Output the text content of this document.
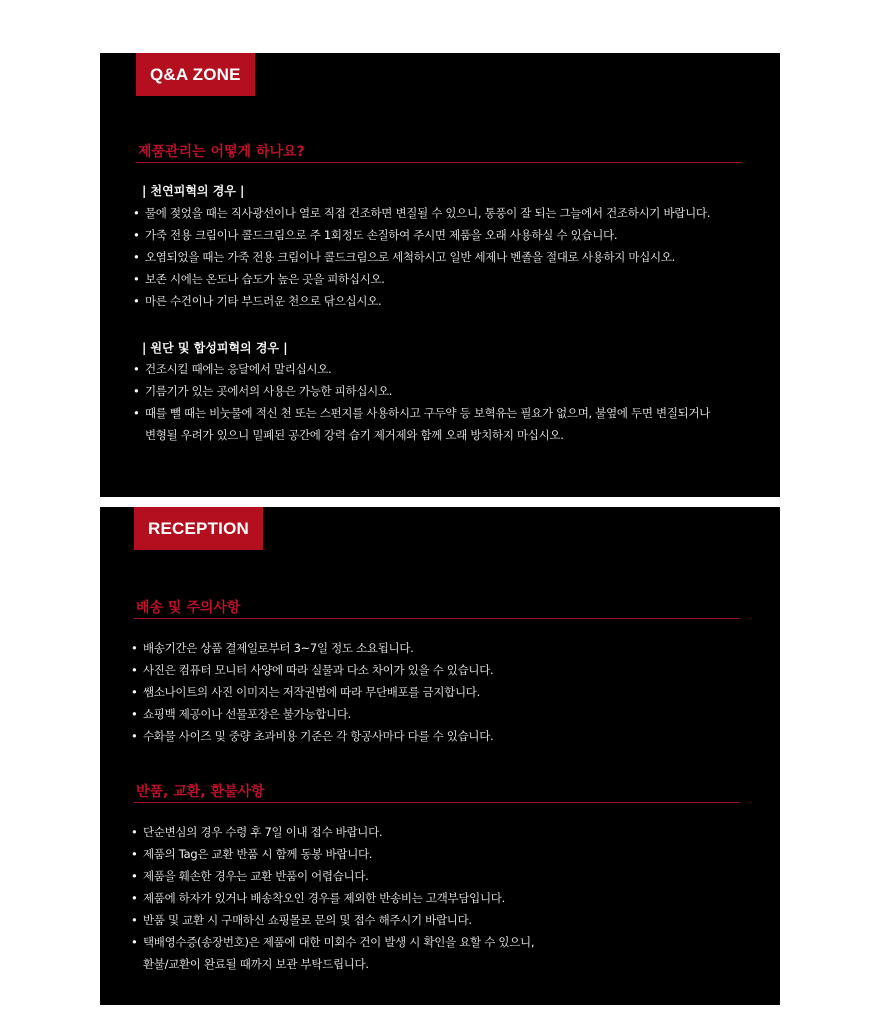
Q&A ZONE
제품관리는 어떻게 하나요?
| 천연피혁의 경우 |
• 물에 젖었을 때는 직사광선이나 열로 직접 건조하면 변질될 수 있으니, 통풍이 잘 되는 그늘에서 건조하시기 바랍니다.
• 가죽 전용 크림이나 콜드크림으로 주 1회정도 손질하여 주시면 제품을 오래 사용하실 수 있습니다.
• 오염되었을 때는 가죽 전용 크림이나 콜드크림으로 세척하시고 일반 세제나 벤졸을 절대로 사용하지 마십시오.
• 보존 시에는 온도나 습도가 높은 곳을 피하십시오.
• 마른 수건이나 기타 부드러운 천으로 닦으십시오.
| 원단 및 합성피혁의 경우 |
• 건조시킬 때에는 응달에서 말리십시오.
• 기름기가 있는 곳에서의 사용은 가능한 피하십시오.
• 때를 뺄 때는 비눗물에 적신 천 또는 스펀지를 사용하시고 구두약 등 보혁유는 필요가 없으며, 불옆에 두면 변질되거나
변형될 우려가 있으니 밀폐된 공간에 강력 습기 제거제와 함께 오래 방치하지 마십시오.
RECEPTION
배송 및 주의사항
• 배송기간은 상품 결제일로부터 3~7일 정도 소요됩니다.
• 사진은 컴퓨터 모니터 사양에 따라 실물과 다소 차이가 있을 수 있습니다.
• 쌤소나이트의 사진 이미지는 저작권법에 따라 무단배포를 금지합니다.
• 쇼핑백 제공이나 선물포장은 불가능합니다.
• 수화물 사이즈 및 중량 초과비용 기준은 각 항공사마다 다를 수 있습니다.
반품, 교환, 환불사항
• 단순변심의 경우 수령 후 7일 이내 접수 바랍니다.
• 제품의 Tag은 교환 반품 시 함께 동봉 바랍니다.
• 제품을 훼손한 경우는 교환 반품이 어렵습니다.
• 제품에 하자가 있거나 배송착오인 경우를 제외한 반송비는 고객부담입니다.
• 반품 및 교환 시 구매하신 쇼핑몰로 문의 및 접수 해주시기 바랍니다.
• 택배영수증(송장번호)은 제품에 대한 미회수 건이 발생 시 확인을 요할 수 있으니,
환불/교환이 완료될 때까지 보관 부탁드립니다.
